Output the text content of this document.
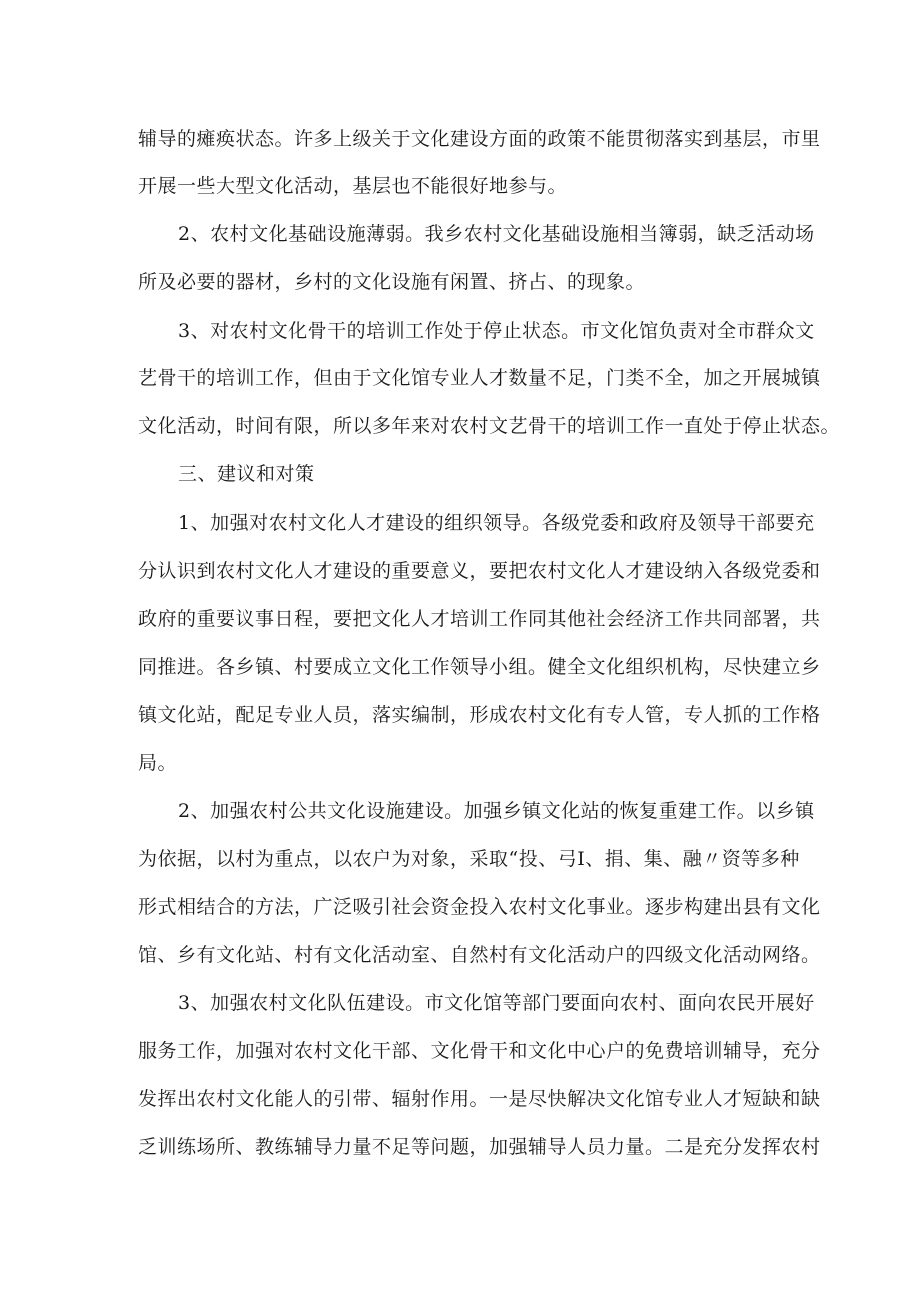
辅导的瘫痪状态。许多上级关于文化建设方面的政策不能贯彻落实到基层，市里
开展一些大型文化活动，基层也不能很好地参与。
2、农村文化基础设施薄弱。我乡农村文化基础设施相当簿弱，缺乏活动场
所及必要的器材，乡村的文化设施有闲置、挤占、的现象。
3、对农村文化骨干的培训工作处于停止状态。市文化馆负责对全市群众文
艺骨干的培训工作，但由于文化馆专业人才数量不足，门类不全，加之开展城镇
文化活动，时间有限，所以多年来对农村文艺骨干的培训工作一直处于停止状态。
三、建议和对策
1、加强对农村文化人才建设的组织领导。各级党委和政府及领导干部要充
分认识到农村文化人才建设的重要意义，要把农村文化人才建设纳入各级党委和
政府的重要议事日程，要把文化人才培训工作同其他社会经济工作共同部署，共
同推进。各乡镇、村要成立文化工作领导小组。健全文化组织机构，尽快建立乡
镇文化站，配足专业人员，落实编制，形成农村文化有专人管，专人抓的工作格
局。
2、加强农村公共文化设施建设。加强乡镇文化站的恢复重建工作。以乡镇
为依据，以村为重点，以农户为对象，采取“投、弓I、捐、集、融〃资等多种
形式相结合的方法，广泛吸引社会资金投入农村文化事业。逐步构建出县有文化
馆、乡有文化站、村有文化活动室、自然村有文化活动户的四级文化活动网络。
3、加强农村文化队伍建设。市文化馆等部门要面向农村、面向农民开展好
服务工作，加强对农村文化干部、文化骨干和文化中心户的免费培训辅导，充分
发挥出农村文化能人的引带、辐射作用。一是尽快解决文化馆专业人才短缺和缺
乏训练场所、教练辅导力量不足等问题，加强辅导人员力量。二是充分发挥农村
